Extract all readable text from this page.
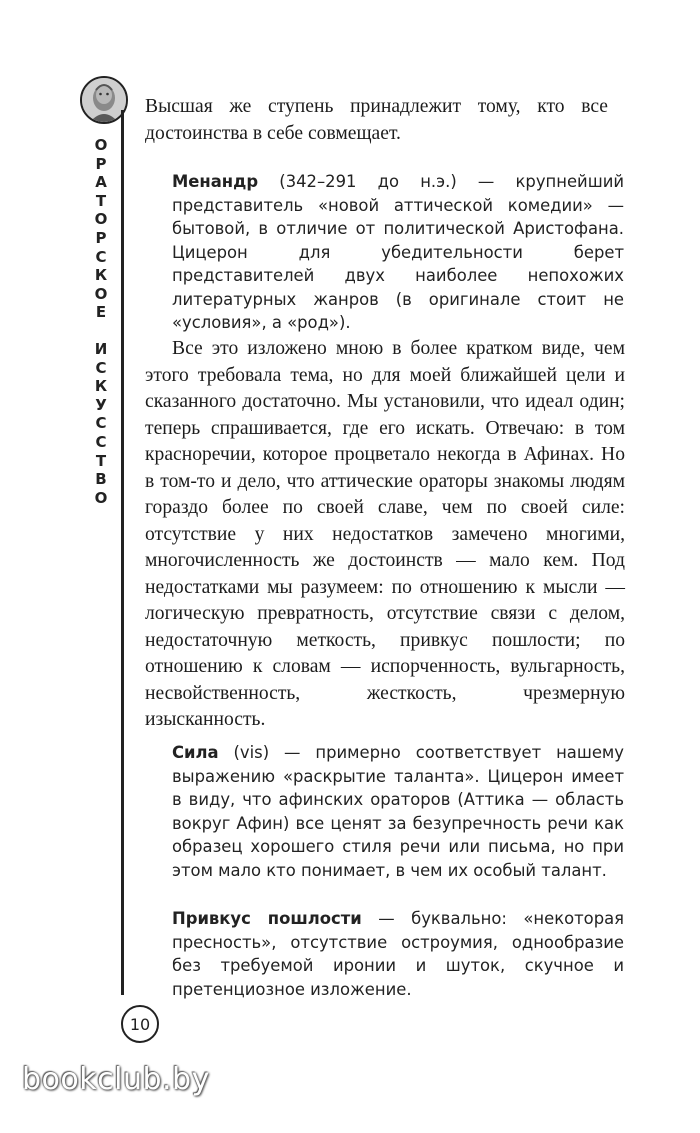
О
Р
А
Т
О
Р
С
К
О
Е
И
С
К
У
С
С
Т
В
О

Высшая же ступень принадлежит тому, кто все достоинства в себе совмещает.

Менандр (342–291 до н.э.) — крупнейший представитель «новой аттической комедии» — бытовой, в отличие от политической Аристофана. Цицерон для убедительности берет представителей двух наиболее непохожих литературных жанров (в оригинале стоит не «условия», а «род»).

Все это изложено мною в более кратком виде, чем этого требовала тема, но для моей ближайшей цели и сказанного достаточно. Мы установили, что идеал один; теперь спрашивается, где его искать. Отвечаю: в том красноречии, которое процветало некогда в Афинах. Но в том-то и дело, что аттические ораторы знакомы людям гораздо более по своей славе, чем по своей силе: отсутствие у них недостатков замечено многими, многочисленность же достоинств — мало кем. Под недостатками мы разумеем: по отношению к мысли — логическую превратность, отсутствие связи с делом, недостаточную меткость, привкус пошлости; по отношению к словам — испорченность, вульгарность, несвойственность, жесткость, чрезмерную изысканность.

Сила (vis) — примерно соответствует нашему выражению «раскрытие таланта». Цицерон имеет в виду, что афинских ораторов (Аттика — область вокруг Афин) все ценят за безупречность речи как образец хорошего стиля речи или письма, но при этом мало кто понимает, в чем их особый талант.

Привкус пошлости — буквально: «некоторая пресность», отсутствие остроумия, однообразие без требуемой иронии и шуток, скучное и претенциозное изложение.

10
bookclub.by
